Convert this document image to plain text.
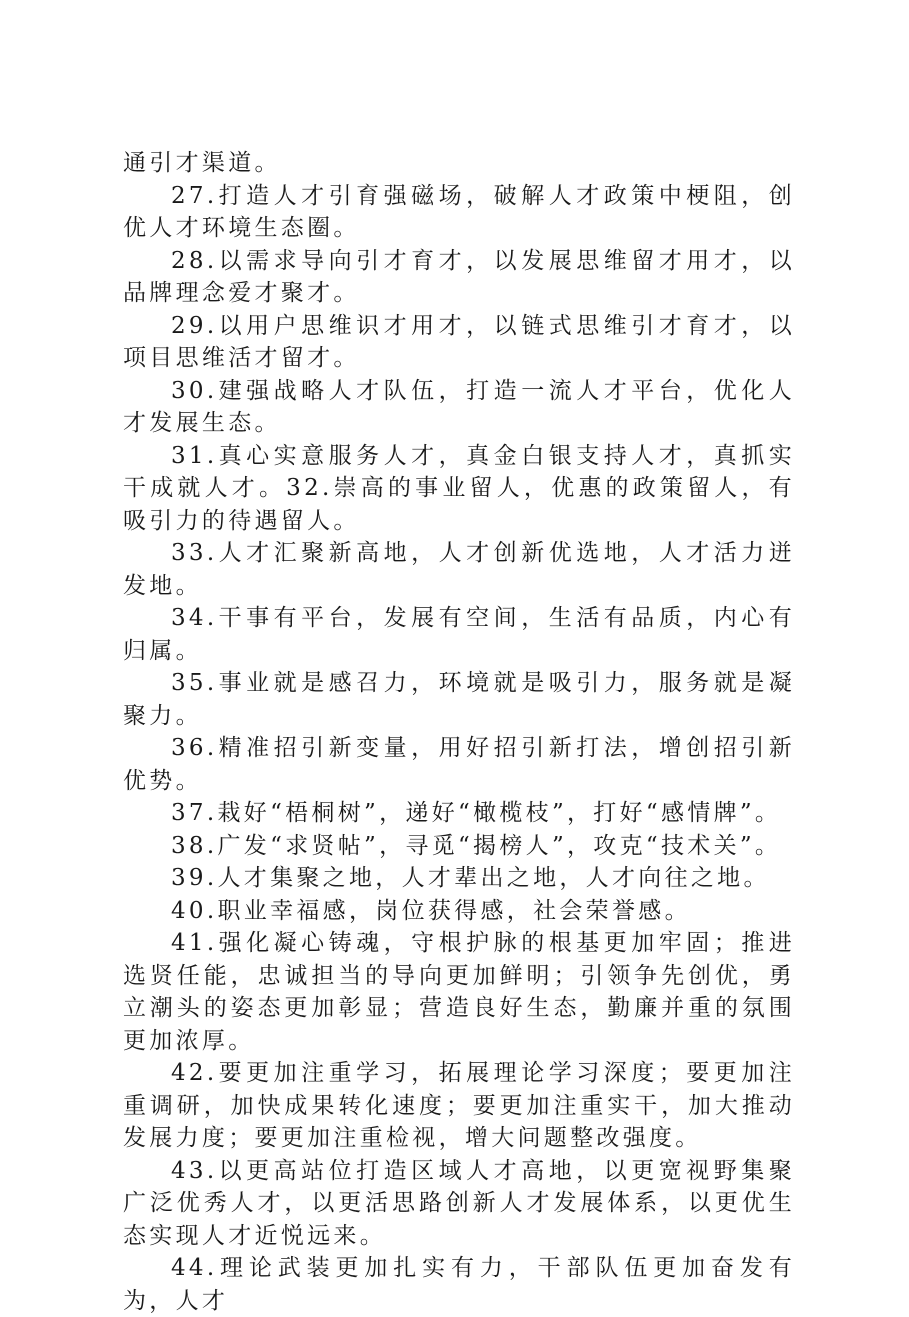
通引才渠道。

27.打造人才引育强磁场，破解人才政策中梗阻，创优人才环境生态圈。

28.以需求导向引才育才，以发展思维留才用才，以品牌理念爱才聚才。

29.以用户思维识才用才，以链式思维引才育才，以项目思维活才留才。

30.建强战略人才队伍，打造一流人才平台，优化人才发展生态。

31.真心实意服务人才，真金白银支持人才，真抓实干成就人才。32.崇高的事业留人，优惠的政策留人，有吸引力的待遇留人。

33.人才汇聚新高地，人才创新优选地，人才活力迸发地。

34.干事有平台，发展有空间，生活有品质，内心有归属。

35.事业就是感召力，环境就是吸引力，服务就是凝聚力。

36.精准招引新变量，用好招引新打法，增创招引新优势。

37.栽好“梧桐树”，递好“橄榄枝”，打好“感情牌”。

38.广发“求贤帖”，寻觅“揭榜人”，攻克“技术关”。

39.人才集聚之地，人才辈出之地，人才向往之地。

40.职业幸福感，岗位获得感，社会荣誉感。

41.强化凝心铸魂，守根护脉的根基更加牢固；推进选贤任能，忠诚担当的导向更加鲜明；引领争先创优，勇立潮头的姿态更加彰显；营造良好生态，勤廉并重的氛围更加浓厚。

42.要更加注重学习，拓展理论学习深度；要更加注重调研，加快成果转化速度；要更加注重实干，加大推动发展力度；要更加注重检视，增大问题整改强度。

43.以更高站位打造区域人才高地，以更宽视野集聚广泛优秀人才，以更活思路创新人才发展体系，以更优生态实现人才近悦远来。

44.理论武装更加扎实有力，干部队伍更加奋发有为，人才
